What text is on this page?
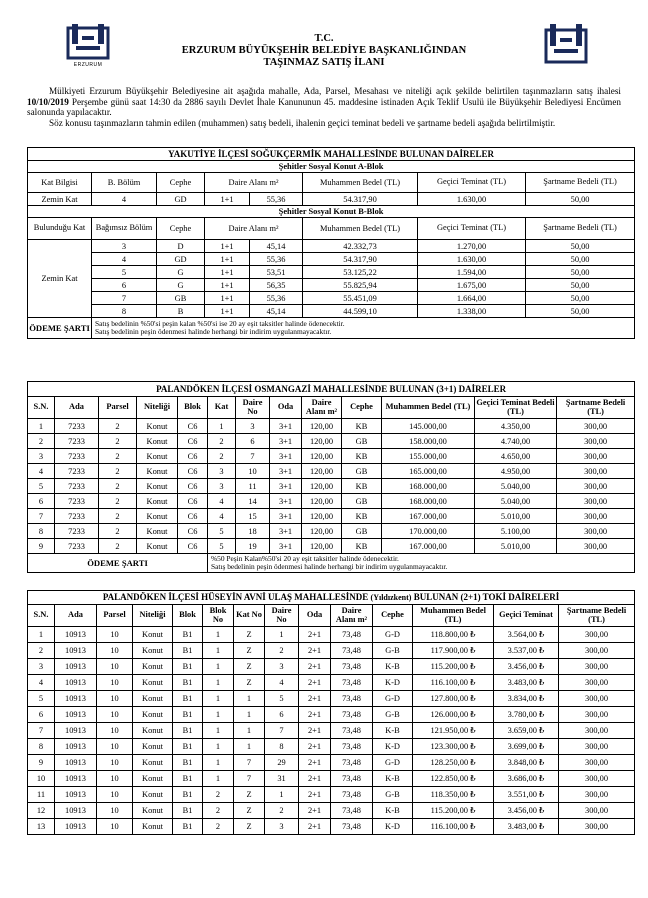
ERZURUM
T.C.
ERZURUM BÜYÜKŞEHİR BELEDİYE BAŞKANLIĞINDAN
TAŞINMAZ SATIŞ İLANI

Mülkiyeti Erzurum Büyükşehir Belediyesine ait aşağıda mahalle, Ada, Parsel, Mesahası ve niteliği açık şekilde belirtilen taşınmazların satış ihalesi 10/10/2019 Perşembe günü saat 14:30 da 2886 sayılı Devlet İhale Kanununun 45. maddesine istinaden Açık Teklif Usulü ile Büyükşehir Belediyesi Encümen salonunda yapılacaktır.

Söz konusu taşınmazların tahmin edilen (muhammen) satış bedeli, ihalenin geçici teminat bedeli ve şartname bedeli aşağıda belirtilmiştir.

YAKUTİYE İLÇESİ SOĞUKÇERMİK MAHALLESİNDE BULUNAN DAİRELER							
Şehitler Sosyal Konut A-Blok							
Kat Bilgisi	B. Bölüm	Cephe	Daire Alanı m²		Muhammen Bedel (TL)	Geçici Teminat (TL)	Şartname Bedeli (TL)
Zemin Kat	4	GD	1+1	55,36	54.317,90	1.630,00	50,00
Şehitler Sosyal Konut B-Blok							
Bulunduğu Kat	Bağımsız Bölüm	Cephe	Daire Alanı m²		Muhammen Bedel (TL)	Geçici Teminat (TL)	Şartname Bedeli (TL)
Zemin Kat	3	D	1+1	45,14	42.332,73	1.270,00	50,00
	4	GD	1+1	55,36	54.317,90	1.630,00	50,00
	5	G	1+1	53,51	53.125,22	1.594,00	50,00
	6	G	1+1	56,35	55.825,94	1.675,00	50,00
	7	GB	1+1	55,36	55.451,09	1.664,00	50,00
	8	B	1+1	45,14	44.599,10	1.338,00	50,00
ÖDEME ŞARTI	Satış bedelinin %50'si peşin kalan %50'si ise 20 ay eşit taksitler halinde ödenecektir.
Satış bedelinin peşin ödenmesi halinde herhangi bir indirim uygulanmayacaktır.						
PALANDÖKEN İLÇESİ OSMANGAZİ MAHALLESİNDE BULUNAN (3+1) DAİRELER												
S.N.	Ada	Parsel	Niteliği	Blok	Kat	Daire No	Oda	Daire Alanı m²	Cephe	Muhammen Bedel (TL)	Geçici Teminat Bedeli (TL)	Şartname Bedeli (TL)
1	7233	2	Konut	C6	1	3	3+1	120,00	KB	145.000,00	4.350,00	300,00
2	7233	2	Konut	C6	2	6	3+1	120,00	GB	158.000,00	4.740,00	300,00
3	7233	2	Konut	C6	2	7	3+1	120,00	KB	155.000,00	4.650,00	300,00
4	7233	2	Konut	C6	3	10	3+1	120,00	GB	165.000,00	4.950,00	300,00
5	7233	2	Konut	C6	3	11	3+1	120,00	KB	168.000,00	5.040,00	300,00
6	7233	2	Konut	C6	4	14	3+1	120,00	GB	168.000,00	5.040,00	300,00
7	7233	2	Konut	C6	4	15	3+1	120,00	KB	167.000,00	5.010,00	300,00
8	7233	2	Konut	C6	5	18	3+1	120,00	GB	170.000,00	5.100,00	300,00
9	7233	2	Konut	C6	5	19	3+1	120,00	KB	167.000,00	5.010,00	300,00
ÖDEME ŞARTI					%50 Peşin Kalan%50'si 20 ay eşit taksitler halinde ödenecektir.
Satış bedelinin peşin ödenmesi halinde herhangi bir indirim uygulanmayacaktır.							
PALANDÖKEN İLÇESİ HÜSEYİN AVNİ ULAŞ MAHALLESİNDE (Yıldızkent) BULUNAN (2+1) TOKİ DAİRELERİ													
S.N.	Ada	Parsel	Niteliği	Blok	Blok No	Kat No	Daire No	Oda	Daire Alanı m²	Cephe	Muhammen Bedel (TL)	Geçici Teminat	Şartname Bedeli (TL)
1	10913	10	Konut	B1	1	Z	1	2+1	73,48	G-D	118.800,00 ₺	3.564,00 ₺	300,00
2	10913	10	Konut	B1	1	Z	2	2+1	73,48	G-B	117.900,00 ₺	3.537,00 ₺	300,00
3	10913	10	Konut	B1	1	Z	3	2+1	73,48	K-B	115.200,00 ₺	3.456,00 ₺	300,00
4	10913	10	Konut	B1	1	Z	4	2+1	73,48	K-D	116.100,00 ₺	3.483,00 ₺	300,00
5	10913	10	Konut	B1	1	1	5	2+1	73,48	G-D	127.800,00 ₺	3.834,00 ₺	300,00
6	10913	10	Konut	B1	1	1	6	2+1	73,48	G-B	126.000,00 ₺	3.780,00 ₺	300,00
7	10913	10	Konut	B1	1	1	7	2+1	73,48	K-B	121.950,00 ₺	3.659,00 ₺	300,00
8	10913	10	Konut	B1	1	1	8	2+1	73,48	K-D	123.300,00 ₺	3.699,00 ₺	300,00
9	10913	10	Konut	B1	1	7	29	2+1	73,48	G-D	128.250,00 ₺	3.848,00 ₺	300,00
10	10913	10	Konut	B1	1	7	31	2+1	73,48	K-B	122.850,00 ₺	3.686,00 ₺	300,00
11	10913	10	Konut	B1	2	Z	1	2+1	73,48	G-B	118.350,00 ₺	3.551,00 ₺	300,00
12	10913	10	Konut	B1	2	Z	2	2+1	73,48	K-B	115.200,00 ₺	3.456,00 ₺	300,00
13	10913	10	Konut	B1	2	Z	3	2+1	73,48	K-D	116.100,00 ₺	3.483,00 ₺	300,00
